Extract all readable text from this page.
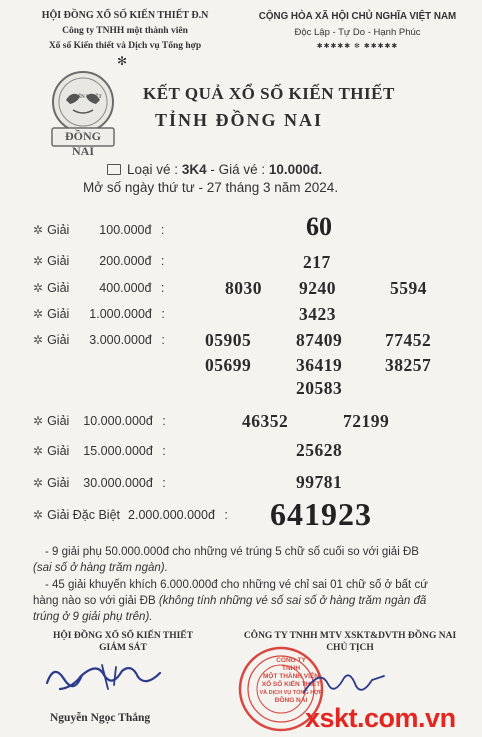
HỘI ĐỒNG XỔ SỐ KIẾN THIẾT Đ.N
Công ty TNHH một thành viên
Xổ số Kiến thiết và Dịch vụ Tổng hợp
✻
CỘNG HÒA XÃ HỘI CHỦ NGHĨA VIỆT NAM
Độc Lập - Tự Do - Hạnh Phúc
✱✱✱✱✱ ✻ ✱✱✱✱✱
KIẾN THIẾT
ĐỒNG NAI
KẾT QUẢ XỔ SỐ KIẾN THIẾT
TỈNH ĐỒNG NAI
Loại vé : 3K4 - Giá vé : 10.000đ.
Mở số ngày thứ tư - 27 tháng 3 năm 2024.
✲ Giải 100.000đ :	60
✲ Giải 200.000đ :	217
✲ Giải 400.000đ :	8030 9240	5594
✲ Giải 1.000.000đ :	3423
✲ Giải 3.000.000đ : 05905	87409 77452
05699	36419 38257
20583
✲ Giải 10.000.000đ :	46352	72199
✲ Giải 15.000.000đ :	25628
✲ Giải 30.000.000đ :	99781
✲ Giải Đặc Biệt 2.000.000.000đ : 641923
- 9 giải phụ 50.000.000đ cho những vé trúng 5 chữ số cuối so với giải ĐB
(sai số ở hàng trăm ngàn).
- 45 giải khuyến khích 6.000.000đ cho những vé chỉ sai 01 chữ số ở bất cứ
hàng nào so với giải ĐB (không tính những vé số sai số ở hàng trăm ngàn đã
trúng ở 9 giải phụ trên).
HỘI ĐỒNG XỔ SỐ KIẾN THIẾT
GIÁM SÁT
CÔNG TY TNHH MTV XSKT&DVTH ĐỒNG NAI
CHỦ TỊCH
CÔNG TY
TNHH
MỘT THÀNH VIÊN
XỔ SỐ KIẾN THIẾT
VÀ DỊCH VỤ TỔNG HỢP
ĐỒNG NAI
Nguyễn Ngọc Thắng	xskt.com.vn
